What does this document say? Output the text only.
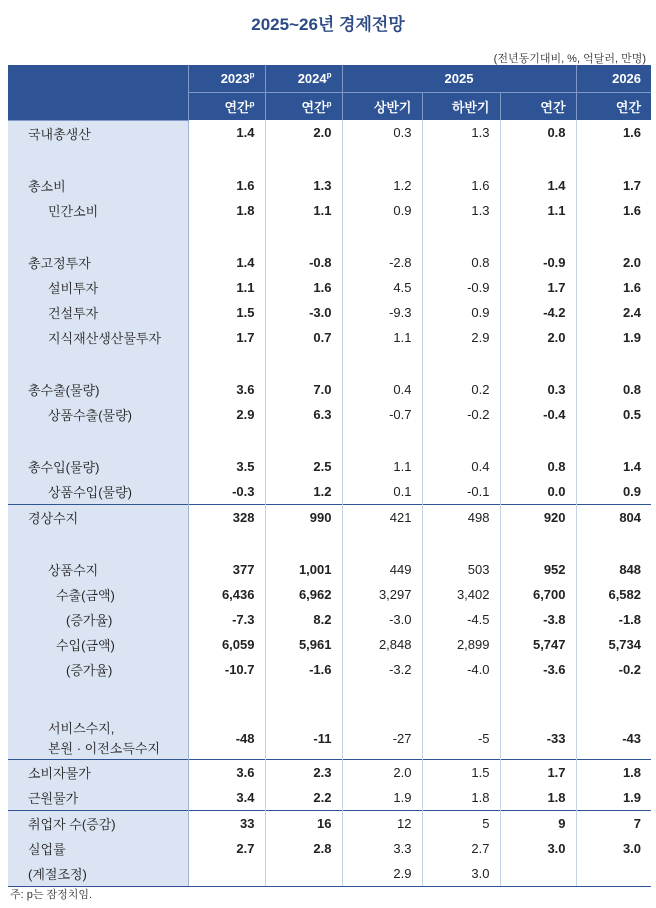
2025~26년 경제전망
(전년동기대비, %, 억달러, 만명)
	2023$^p$	2024$^p$	2025			2026
	연간$^p$	연간$^p$	상반기	하반기	연간	연간
국내총생산	1.4	2.0	0.3	1.3	0.8	1.6

총소비	1.6	1.3	1.2	1.6	1.4	1.7
민간소비	1.8	1.1	0.9	1.3	1.1	1.6

총고정투자	1.4	-0.8	-2.8	0.8	-0.9	2.0
설비투자	1.1	1.6	4.5	-0.9	1.7	1.6
건설투자	1.5	-3.0	-9.3	0.9	-4.2	2.4
지식재산생산물투자	1.7	0.7	1.1	2.9	2.0	1.9

총수출(물량)	3.6	7.0	0.4	0.2	0.3	0.8
상품수출(물량)	2.9	6.3	-0.7	-0.2	-0.4	0.5

총수입(물량)	3.5	2.5	1.1	0.4	0.8	1.4
상품수입(물량)	-0.3	1.2	0.1	-0.1	0.0	0.9
경상수지	328	990	421	498	920	804

상품수지	377	1,001	449	503	952	848
수출(금액)	6,436	6,962	3,297	3,402	6,700	6,582
(증가율)	-7.3	8.2	-3.0	-4.5	-3.8	-1.8
수입(금액)	6,059	5,961	2,848	2,899	5,747	5,734
(증가율)	-10.7	-1.6	-3.2	-4.0	-3.6	-0.2

서비스수지,
본원 · 이전소득수지	-48	-11	-27	-5	-33	-43
소비자물가	3.6	2.3	2.0	1.5	1.7	1.8
근원물가	3.4	2.2	1.9	1.8	1.8	1.9
취업자 수(증감)	33	16	12	5	9	7
실업률	2.7	2.8	3.3	2.7	3.0	3.0
(계절조정)			2.9	3.0		
주: p는 잠정치임.
